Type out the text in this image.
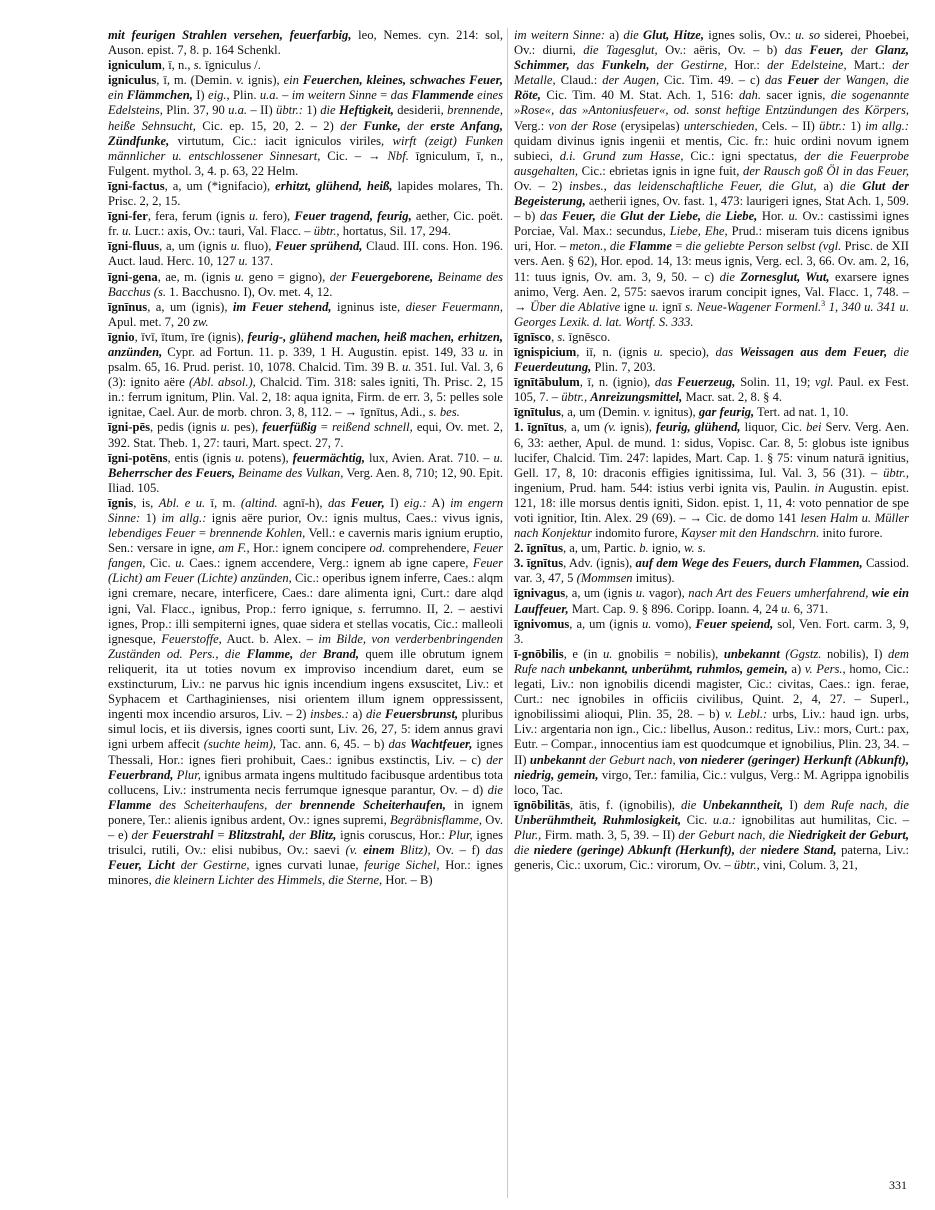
mit feurigen Strahlen versehen, feuerfarbig, leo, Nemes. cyn. 214: sol, Auson. epist. 7, 8. p. 164 Schenkl.

igniculum, ī, n., s. īgniculus /.

igniculus, ī, m. (Demin. v. ignis), ein Feuerchen, kleines, schwaches Feuer, ein Flämmchen, I) eig., Plin. u.a. – im weitern Sinne = das Flammende eines Edelsteins, Plin. 37, 90 u.a. – II) übtr.: 1) die Heftigkeit, desiderii, brennende, heiße Sehnsucht, Cic. ep. 15, 20, 2. – 2) der Funke, der erste Anfang, Zündfunke, virtutum, Cic.: iacit igniculos viriles, wirft (zeigt) Funken männlicher u. entschlossener Sinnesart, Cic. – → Nbf. īgniculum, ī, n., Fulgent. mythol. 3, 4. p. 63, 22 Helm.

īgni-factus, a, um (*ignifacio), erhitzt, glühend, heiß, lapides molares, Th. Prisc. 2, 2, 15.

īgni-fer, fera, ferum (ignis u. fero), Feuer tragend, feurig, aether, Cic. poët. fr. u. Lucr.: axis, Ov.: tauri, Val. Flacc. – übtr., hortatus, Sil. 17, 294.

īgni-fluus, a, um (ignis u. fluo), Feuer sprühend, Claud. III. cons. Hon. 196. Auct. laud. Herc. 10, 127 u. 137.

īgni-gena, ae, m. (ignis u. geno = gigno), der Feuergeborene, Beiname des Bacchus (s. 1. Bacchusno. I), Ov. met. 4, 12.

īgnīnus, a, um (ignis), im Feuer stehend, igninus iste, dieser Feuermann, Apul. met. 7, 20 zw.

īgnio, īvī, ītum, īre (ignis), feurig-, glühend machen, heiß machen, erhitzen, anzünden, Cypr. ad Fortun. 11. p. 339, 1 H. Augustin. epist. 149, 33 u. in psalm. 65, 16. Prud. perist. 10, 1078. Chalcid. Tim. 39 B. u. 351. Iul. Val. 3, 6 (3): ignito aëre (Abl. absol.), Chalcid. Tim. 318: sales igniti, Th. Prisc. 2, 15 in.: ferrum ignitum, Plin. Val. 2, 18: aqua ignita, Firm. de err. 3, 5: pelles sole ignitae, Cael. Aur. de morb. chron. 3, 8, 112. – → īgnītus, Adi., s. bes.

īgni-pēs, pedis (ignis u. pes), feuerfüßig = reißend schnell, equi, Ov. met. 2, 392. Stat. Theb. 1, 27: tauri, Mart. spect. 27, 7.

īgni-potēns, entis (ignis u. potens), feuermächtig, lux, Avien. Arat. 710. – u. Beherrscher des Feuers, Beiname des Vulkan, Verg. Aen. 8, 710; 12, 90. Epit. Iliad. 105.

īgnis, is, Abl. e u. ī, m. (altind. agnī-h), das Feuer, I) eig.: A) im engern Sinne: 1) im allg.: ignis aëre purior, Ov.: ignis multus, Caes.: vivus ignis, lebendiges Feuer = brennende Kohlen, Vell.: e cavernis maris ignium eruptio, Sen.: versare in igne, am F., Hor.: ignem concipere od. comprehendere, Feuer fangen, Cic. u. Caes.: ignem accendere, Verg.: ignem ab igne capere, Feuer (Licht) am Feuer (Lichte) anzünden, Cic.: operibus ignem inferre, Caes.: alqm igni cremare, necare, interficere, Caes.: dare alimenta igni, Curt.: dare alqd igni, Val. Flacc., ignibus, Prop.: ferro ignique, s. ferrumno. II, 2. – aestivi ignes, Prop.: illi sempiterni ignes, quae sidera et stellas vocatis, Cic.: malleoli ignesque, Feuerstoffe, Auct. b. Alex. – im Bilde, von verderbenbringenden Zuständen od. Pers., die Flamme, der Brand, quem ille obrutum ignem reliquerit, ita ut toties novum ex improviso incendium daret, eum se exstincturum, Liv.: ne parvus hic ignis incendium ingens exsuscitet, Liv.: et Syphacem et Carthaginienses, nisi orientem illum ignem oppressissent, ingenti mox incendio arsuros, Liv. – 2) insbes.: a) die Feuersbrunst, pluribus simul locis, et iis diversis, ignes coorti sunt, Liv. 26, 27, 5: idem annus gravi igni urbem affecit (suchte heim), Tac. ann. 6, 45. – b) das Wachtfeuer, ignes Thessali, Hor.: ignes fieri prohibuit, Caes.: ignibus exstinctis, Liv. – c) der Feuerbrand, Plur, ignibus armata ingens multitudo facibusque ardentibus tota collucens, Liv.: instrumenta necis ferrumque ignesque parantur, Ov. – d) die Flamme des Scheiterhaufens, der brennende Scheiterhaufen, in ignem ponere, Ter.: alienis ignibus ardent, Ov.: ignes supremi, Begräbnisflamme, Ov. – e) der Feuerstrahl = Blitzstrahl, der Blitz, ignis coruscus, Hor.: Plur, ignes trisulci, rutili, Ov.: elisi nubibus, Ov.: saevi (v. einem Blitz), Ov. – f) das Feuer, Licht der Gestirne, ignes curvati lunae, feurige Sichel, Hor.: ignes minores, die kleinern Lichter des Himmels, die Sterne, Hor. – B)

im weitern Sinne: a) die Glut, Hitze, ignes solis, Ov.: u. so siderei, Phoebei, Ov.: diurni, die Tagesglut, Ov.: aëris, Ov. – b) das Feuer, der Glanz, Schimmer, das Funkeln, der Gestirne, Hor.: der Edelsteine, Mart.: der Metalle, Claud.: der Augen, Cic. Tim. 49. – c) das Feuer der Wangen, die Röte, Cic. Tim. 40 M. Stat. Ach. 1, 516: dah. sacer ignis, die sogenannte »Rose«, das »Antoniusfeuer«, od. sonst heftige Entzündungen des Körpers, Verg.: von der Rose (erysipelas) unterschieden, Cels. – II) übtr.: 1) im allg.: quidam divinus ignis ingenii et mentis, Cic. fr.: huic ordini novum ignem subieci, d.i. Grund zum Hasse, Cic.: igni spectatus, der die Feuerprobe ausgehalten, Cic.: ebrietas ignis in igne fuit, der Rausch goß Öl in das Feuer, Ov. – 2) insbes., das leidenschaftliche Feuer, die Glut, a) die Glut der Begeisterung, aetherii ignes, Ov. fast. 1, 473: laurigeri ignes, Stat Ach. 1, 509. – b) das Feuer, die Glut der Liebe, die Liebe, Hor. u. Ov.: castissimi ignes Porciae, Val. Max.: secundus, Liebe, Ehe, Prud.: miseram tuis dicens ignibus uri, Hor. – meton., die Flamme = die geliebte Person selbst (vgl. Prisc. de XII vers. Aen. § 62), Hor. epod. 14, 13: meus ignis, Verg. ecl. 3, 66. Ov. am. 2, 16, 11: tuus ignis, Ov. am. 3, 9, 50. – c) die Zornesglut, Wut, exarsere ignes animo, Verg. Aen. 2, 575: saevos irarum concipit ignes, Val. Flacc. 1, 748. – → Über die Ablative igne u. ignī s. Neue-Wagener Formenl.$^3$ 1, 340 u. 341 u. Georges Lexik. d. lat. Wortf. S. 333.

īgnīsco, s. īgnēsco.

īgnispicium, iī, n. (ignis u. specio), das Weissagen aus dem Feuer, die Feuerdeutung, Plin. 7, 203.

īgnītābulum, ī, n. (ignio), das Feuerzeug, Solin. 11, 19; vgl. Paul. ex Fest. 105, 7. – übtr., Anreizungsmittel, Macr. sat. 2, 8. § 4.

īgnītulus, a, um (Demin. v. ignitus), gar feurig, Tert. ad nat. 1, 10.

1. īgnītus, a, um (v. ignis), feurig, glühend, liquor, Cic. bei Serv. Verg. Aen. 6, 33: aether, Apul. de mund. 1: sidus, Vopisc. Car. 8, 5: globus iste ignibus lucifer, Chalcid. Tim. 247: lapides, Mart. Cap. 1. § 75: vinum naturā ignitius, Gell. 17, 8, 10: draconis effigies ignitissima, Iul. Val. 3, 56 (31). – übtr., ingenium, Prud. ham. 544: istius verbi ignita vis, Paulin. in Augustin. epist. 121, 18: ille morsus dentis igniti, Sidon. epist. 1, 11, 4: voto pennatior de spe voti ignitior, Itin. Alex. 29 (69). – → Cic. de domo 141 lesen Halm u. Müller nach Konjektur indomito furore, Kayser mit den Handschrn. inito furore.

2. īgnītus, a, um, Partic. b. ignio, w. s.

3. īgnītus, Adv. (ignis), auf dem Wege des Feuers, durch Flammen, Cassiod. var. 3, 47, 5 (Mommsen imitus).

īgnivagus, a, um (ignis u. vagor), nach Art des Feuers umherfahrend, wie ein Lauffeuer, Mart. Cap. 9. § 896. Coripp. Ioann. 4, 24 u. 6, 371.

īgnivomus, a, um (ignis u. vomo), Feuer speiend, sol, Ven. Fort. carm. 3, 9, 3.

ī-gnōbilis, e (in u. gnobilis = nobilis), unbekannt (Ggstz. nobilis), I) dem Rufe nach unbekannt, unberühmt, ruhmlos, gemein, a) v. Pers., homo, Cic.: legati, Liv.: non ignobilis dicendi magister, Cic.: civitas, Caes.: ign. ferae, Curt.: nec ignobiles in officiis civilibus, Quint. 2, 4, 27. – Superl., ignobilissimi alioqui, Plin. 35, 28. – b) v. Lebl.: urbs, Liv.: haud ign. urbs, Liv.: argentaria non ign., Cic.: libellus, Auson.: reditus, Liv.: mors, Curt.: pax, Eutr. – Compar., innocentius iam est quodcumque et ignobilius, Plin. 23, 34. – II) unbekannt der Geburt nach, von niederer (geringer) Herkunft (Abkunft), niedrig, gemein, virgo, Ter.: familia, Cic.: vulgus, Verg.: M. Agrippa ignobilis loco, Tac.

īgnōbilitās, ātis, f. (ignobilis), die Unbekanntheit, I) dem Rufe nach, die Unberühmtheit, Ruhmlosigkeit, Cic. u.a.: ignobilitas aut humilitas, Cic. – Plur., Firm. math. 3, 5, 39. – II) der Geburt nach, die Niedrigkeit der Geburt, die niedere (geringe) Abkunft (Herkunft), der niedere Stand, paterna, Liv.: generis, Cic.: uxorum, Cic.: virorum, Ov. – übtr., vini, Colum. 3, 21,

331
